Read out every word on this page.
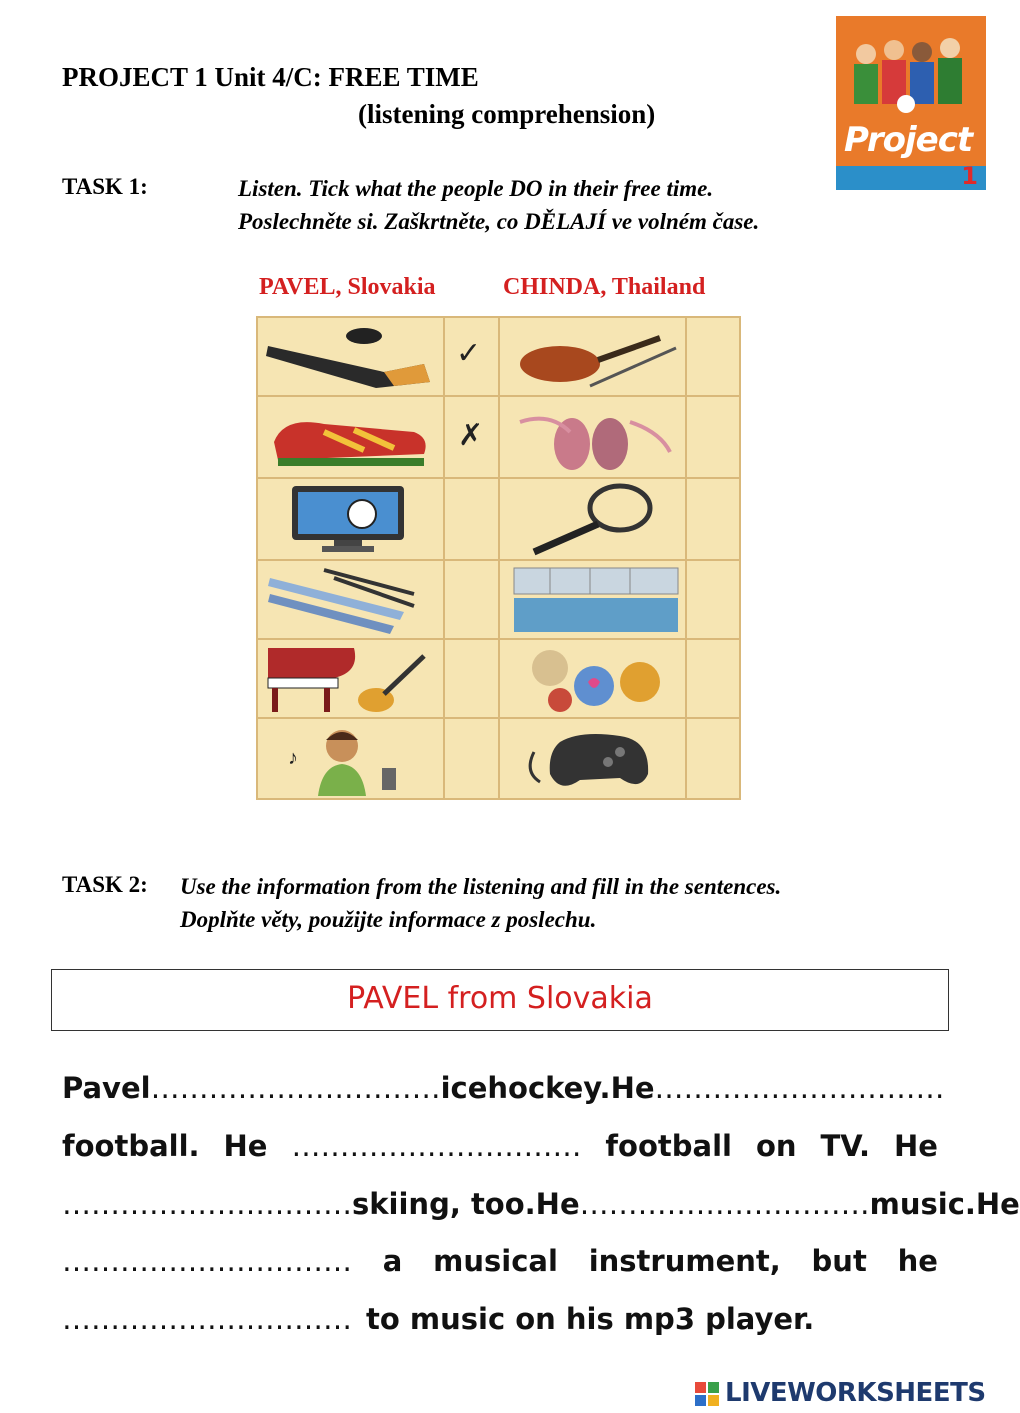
PROJECT 1 Unit 4/C: FREE TIME
(listening comprehension)
Project
1
TASK 1:	Listen. Tick what the people DO in their free time.
Poslechněte si. Zaškrtněte, co DĚLAJÍ ve volném čase.
PAVEL, Slovakia	CHINDA, Thailand
♪
✓
✗
TASK 2: Use the information from the listening and fill in the sentences.
Doplňte věty, použijte informace z poslechu.
PAVEL from Slovakia
Pavel ………………………… ice hockey. He …………………………
football. He ………………………… football on TV. He
………………………… skiing, too. He ………………………… music. He
………………………… a musical instrument, but he
………………………… to music on his mp3 player.
LIVEWORKSHEETS
